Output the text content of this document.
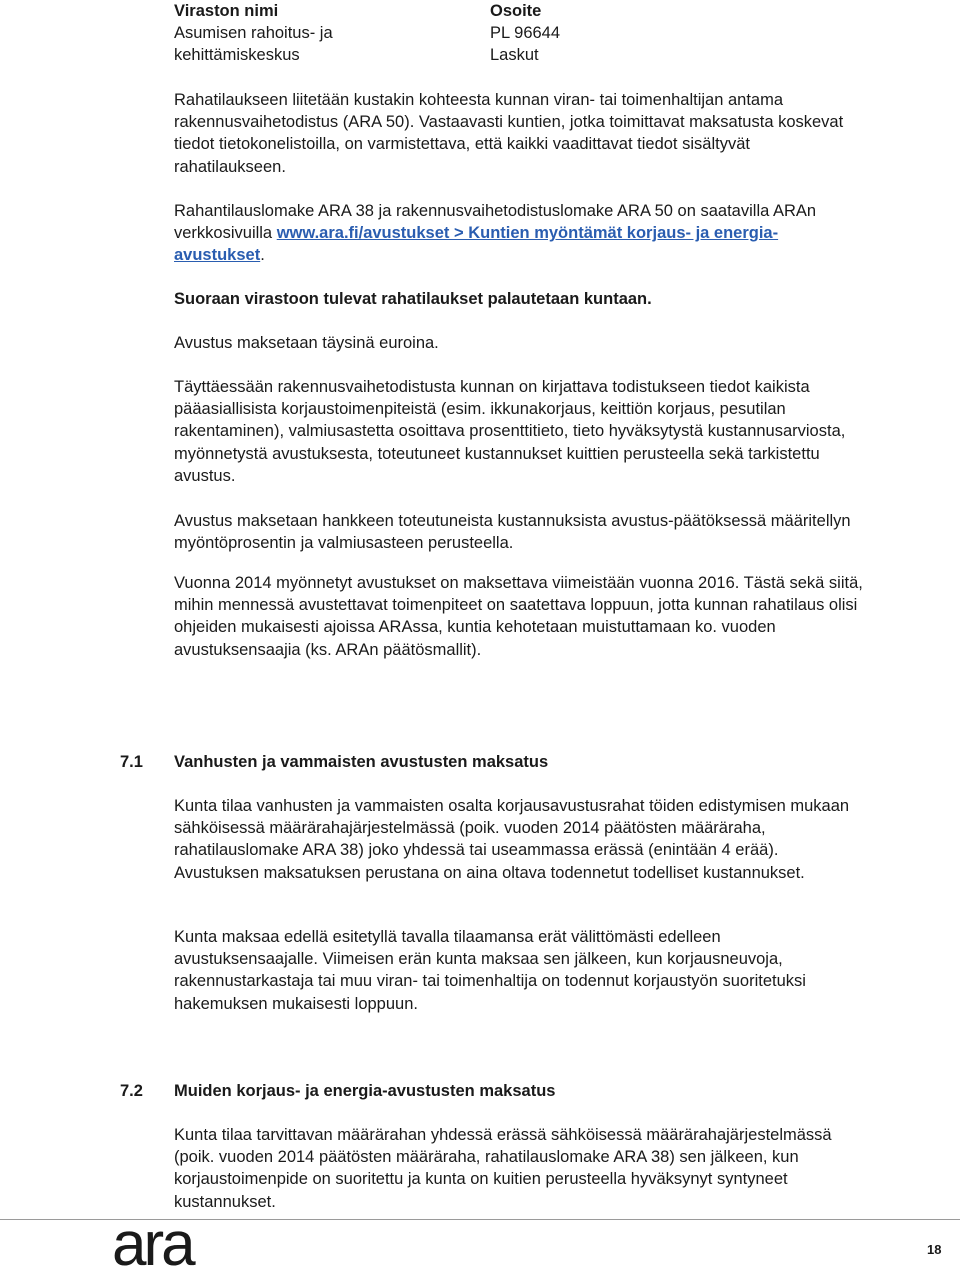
Viraston nimi
Asumisen rahoitus- ja
kehittämiskeskus
Osoite
PL 96644
Laskut

Rahatilaukseen liitetään kustakin kohteesta kunnan viran- tai toimenhaltijan antama rakennusvaihetodistus (ARA 50). Vastaavasti kuntien, jotka toimittavat maksatusta koskevat tiedot tietokonelistoilla, on varmistettava, että kaikki vaadittavat tiedot sisältyvät rahatilaukseen.

Rahantilauslomake ARA 38 ja rakennusvaihetodistuslomake ARA 50 on saatavilla ARAn verkkosivuilla www.ara.fi/avustukset > Kuntien myöntämät korjaus- ja energia-avustukset.

Suoraan virastoon tulevat rahatilaukset palautetaan kuntaan.

Avustus maksetaan täysinä euroina.

Täyttäessään rakennusvaihetodistusta kunnan on kirjattava todistukseen tiedot kaikista pääasiallisista korjaustoimenpiteistä (esim. ikkunakorjaus, keittiön korjaus, pesutilan rakentaminen), valmiusastetta osoittava prosenttitieto, tieto hyväksytystä kustannusarviosta, myönnetystä avustuksesta, toteutuneet kustannukset kuittien perusteella sekä tarkistettu avustus.

Avustus maksetaan hankkeen toteutuneista kustannuksista avustus-päätöksessä määritellyn myöntöprosentin ja valmiusasteen perusteella.

Vuonna 2014 myönnetyt avustukset on maksettava viimeistään vuonna 2016. Tästä sekä siitä, mihin mennessä avustettavat toimenpiteet on saatettava loppuun, jotta kunnan rahatilaus olisi ohjeiden mukaisesti ajoissa ARAssa, kuntia kehotetaan muistuttamaan ko. vuoden avustuksensaajia (ks. ARAn päätösmallit).

7.1 Vanhusten ja vammaisten avustusten maksatus

Kunta tilaa vanhusten ja vammaisten osalta korjausavustusrahat töiden edistymisen mukaan sähköisessä määrärahajärjestelmässä (poik. vuoden 2014 päätösten määräraha, rahatilauslomake ARA 38) joko yhdessä tai useammassa erässä (enintään 4 erää). Avustuksen maksatuksen perustana on aina oltava todennetut todelliset kustannukset.

Kunta maksaa edellä esitetyllä tavalla tilaamansa erät välittömästi edelleen avustuksensaajalle. Viimeisen erän kunta maksaa sen jälkeen, kun korjausneuvoja, rakennustarkastaja tai muu viran- tai toimenhaltija on todennut korjaustyön suoritetuksi hakemuksen mukaisesti loppuun.

7.2 Muiden korjaus- ja energia-avustusten maksatus

Kunta tilaa tarvittavan määrärahan yhdessä erässä sähköisessä määrärahajärjestelmässä (poik. vuoden 2014 päätösten määräraha, rahatilauslomake ARA 38) sen jälkeen, kun korjaustoimenpide on suoritettu ja kunta on kuitien perusteella hyväksynyt syntyneet kustannukset.

ara	18
